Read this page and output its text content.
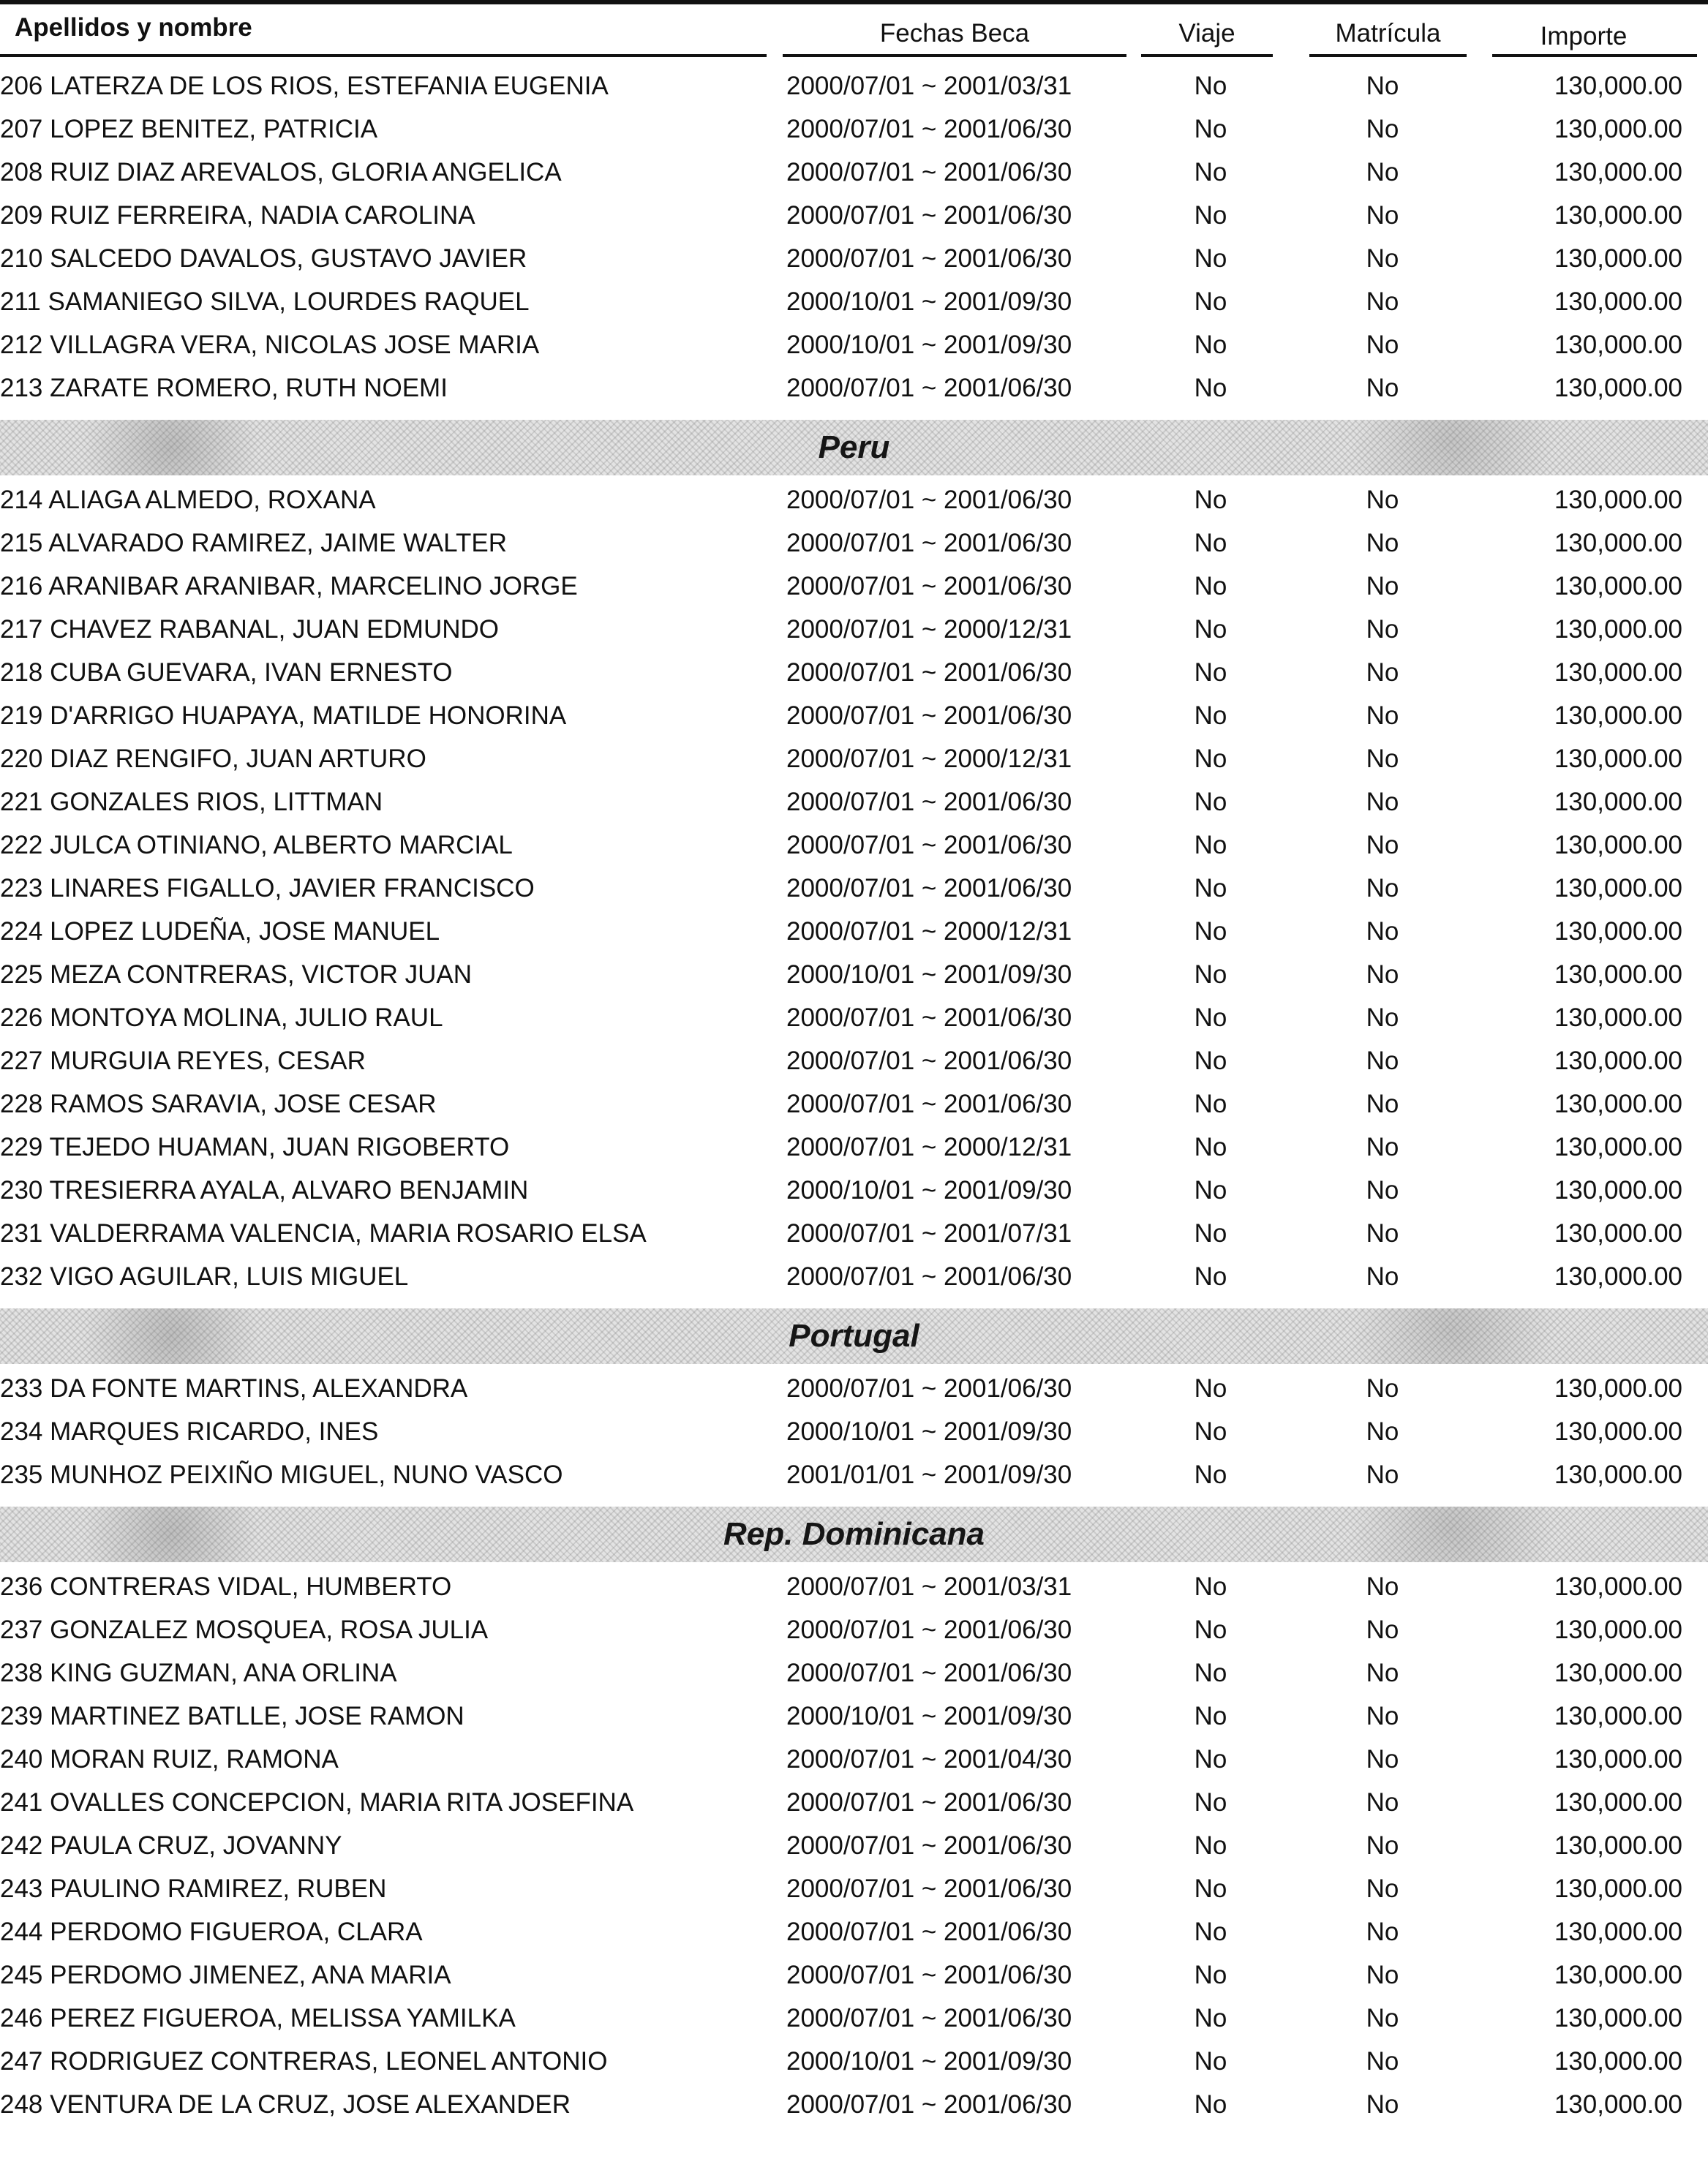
Apellidos y nombre	Fechas Beca	Viaje	Matrícula	Importe
206 LATERZA DE LOS RIOS, ESTEFANIA EUGENIA	2000/07/01 ~ 2001/03/31	No	No	130,000.00
207 LOPEZ BENITEZ, PATRICIA	2000/07/01 ~ 2001/06/30	No	No	130,000.00
208 RUIZ DIAZ AREVALOS, GLORIA ANGELICA	2000/07/01 ~ 2001/06/30	No	No	130,000.00
209 RUIZ FERREIRA, NADIA CAROLINA	2000/07/01 ~ 2001/06/30	No	No	130,000.00
210 SALCEDO DAVALOS, GUSTAVO JAVIER	2000/07/01 ~ 2001/06/30	No	No	130,000.00
211 SAMANIEGO SILVA, LOURDES RAQUEL	2000/10/01 ~ 2001/09/30	No	No	130,000.00
212 VILLAGRA VERA, NICOLAS JOSE MARIA	2000/10/01 ~ 2001/09/30	No	No	130,000.00
213 ZARATE ROMERO, RUTH NOEMI	2000/07/01 ~ 2001/06/30	No	No	130,000.00
Peru
214 ALIAGA ALMEDO, ROXANA	2000/07/01 ~ 2001/06/30	No	No	130,000.00
215 ALVARADO RAMIREZ, JAIME WALTER	2000/07/01 ~ 2001/06/30	No	No	130,000.00
216 ARANIBAR ARANIBAR, MARCELINO JORGE	2000/07/01 ~ 2001/06/30	No	No	130,000.00
217 CHAVEZ RABANAL, JUAN EDMUNDO	2000/07/01 ~ 2000/12/31	No	No	130,000.00
218 CUBA GUEVARA, IVAN ERNESTO	2000/07/01 ~ 2001/06/30	No	No	130,000.00
219 D'ARRIGO HUAPAYA, MATILDE HONORINA	2000/07/01 ~ 2001/06/30	No	No	130,000.00
220 DIAZ RENGIFO, JUAN ARTURO	2000/07/01 ~ 2000/12/31	No	No	130,000.00
221 GONZALES RIOS, LITTMAN	2000/07/01 ~ 2001/06/30	No	No	130,000.00
222 JULCA OTINIANO, ALBERTO MARCIAL	2000/07/01 ~ 2001/06/30	No	No	130,000.00
223 LINARES FIGALLO, JAVIER FRANCISCO	2000/07/01 ~ 2001/06/30	No	No	130,000.00
224 LOPEZ LUDEÑA, JOSE MANUEL	2000/07/01 ~ 2000/12/31	No	No	130,000.00
225 MEZA CONTRERAS, VICTOR JUAN	2000/10/01 ~ 2001/09/30	No	No	130,000.00
226 MONTOYA MOLINA, JULIO RAUL	2000/07/01 ~ 2001/06/30	No	No	130,000.00
227 MURGUIA REYES, CESAR	2000/07/01 ~ 2001/06/30	No	No	130,000.00
228 RAMOS SARAVIA, JOSE CESAR	2000/07/01 ~ 2001/06/30	No	No	130,000.00
229 TEJEDO HUAMAN, JUAN RIGOBERTO	2000/07/01 ~ 2000/12/31	No	No	130,000.00
230 TRESIERRA AYALA, ALVARO BENJAMIN	2000/10/01 ~ 2001/09/30	No	No	130,000.00
231 VALDERRAMA VALENCIA, MARIA ROSARIO ELSA	2000/07/01 ~ 2001/07/31	No	No	130,000.00
232 VIGO AGUILAR, LUIS MIGUEL	2000/07/01 ~ 2001/06/30	No	No	130,000.00
Portugal
233 DA FONTE MARTINS, ALEXANDRA	2000/07/01 ~ 2001/06/30	No	No	130,000.00
234 MARQUES RICARDO, INES	2000/10/01 ~ 2001/09/30	No	No	130,000.00
235 MUNHOZ PEIXIÑO MIGUEL, NUNO VASCO	2001/01/01 ~ 2001/09/30	No	No	130,000.00
Rep. Dominicana
236 CONTRERAS VIDAL, HUMBERTO	2000/07/01 ~ 2001/03/31	No	No	130,000.00
237 GONZALEZ MOSQUEA, ROSA JULIA	2000/07/01 ~ 2001/06/30	No	No	130,000.00
238 KING GUZMAN, ANA ORLINA	2000/07/01 ~ 2001/06/30	No	No	130,000.00
239 MARTINEZ BATLLE, JOSE RAMON	2000/10/01 ~ 2001/09/30	No	No	130,000.00
240 MORAN RUIZ, RAMONA	2000/07/01 ~ 2001/04/30	No	No	130,000.00
241 OVALLES CONCEPCION, MARIA RITA JOSEFINA	2000/07/01 ~ 2001/06/30	No	No	130,000.00
242 PAULA CRUZ, JOVANNY	2000/07/01 ~ 2001/06/30	No	No	130,000.00
243 PAULINO RAMIREZ, RUBEN	2000/07/01 ~ 2001/06/30	No	No	130,000.00
244 PERDOMO FIGUEROA, CLARA	2000/07/01 ~ 2001/06/30	No	No	130,000.00
245 PERDOMO JIMENEZ, ANA MARIA	2000/07/01 ~ 2001/06/30	No	No	130,000.00
246 PEREZ FIGUEROA, MELISSA YAMILKA	2000/07/01 ~ 2001/06/30	No	No	130,000.00
247 RODRIGUEZ CONTRERAS, LEONEL ANTONIO	2000/10/01 ~ 2001/09/30	No	No	130,000.00
248 VENTURA DE LA CRUZ, JOSE ALEXANDER	2000/07/01 ~ 2001/06/30	No	No	130,000.00
